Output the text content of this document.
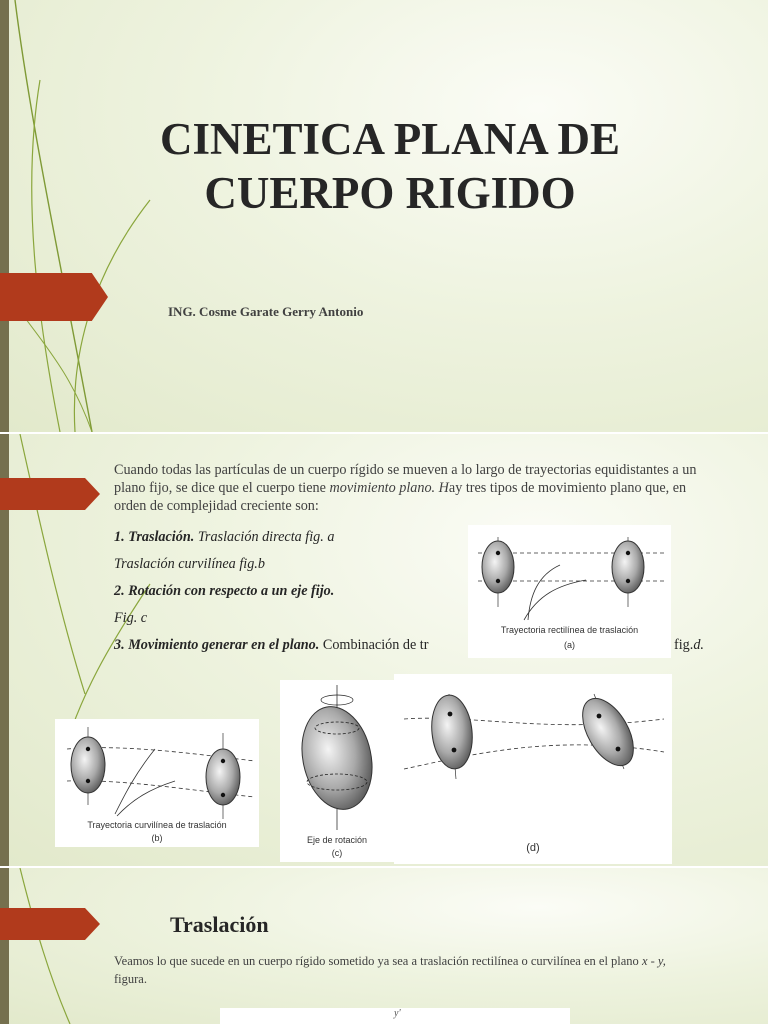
CINETICA PLANA DE
CUERPO RIGIDO
ING. Cosme Garate Gerry Antonio

Cuando todas las partículas de un cuerpo rígido se mueven a lo largo de trayectorias equidistantes a un plano fijo, se dice que el cuerpo tiene movimiento plano. Hay tres tipos de movimiento plano que, en orden de complejidad creciente son:

1. Traslación. Traslación directa fig. a
Traslación curvilínea fig.b
2. Rotación con respecto a un eje fijo.
Fig. c
3. Movimiento generar en el plano. Combinación de tr	fig.d.
Trayectoria rectilínea de traslación
(a)
Trayectoria curvilínea de traslación
(b)	Eje de rotación
(c)	(d)
Traslación

Veamos lo que sucede en un cuerpo rígido sometido ya sea a traslación rectilínea o curvilínea en el plano x - y, figura.

y'
